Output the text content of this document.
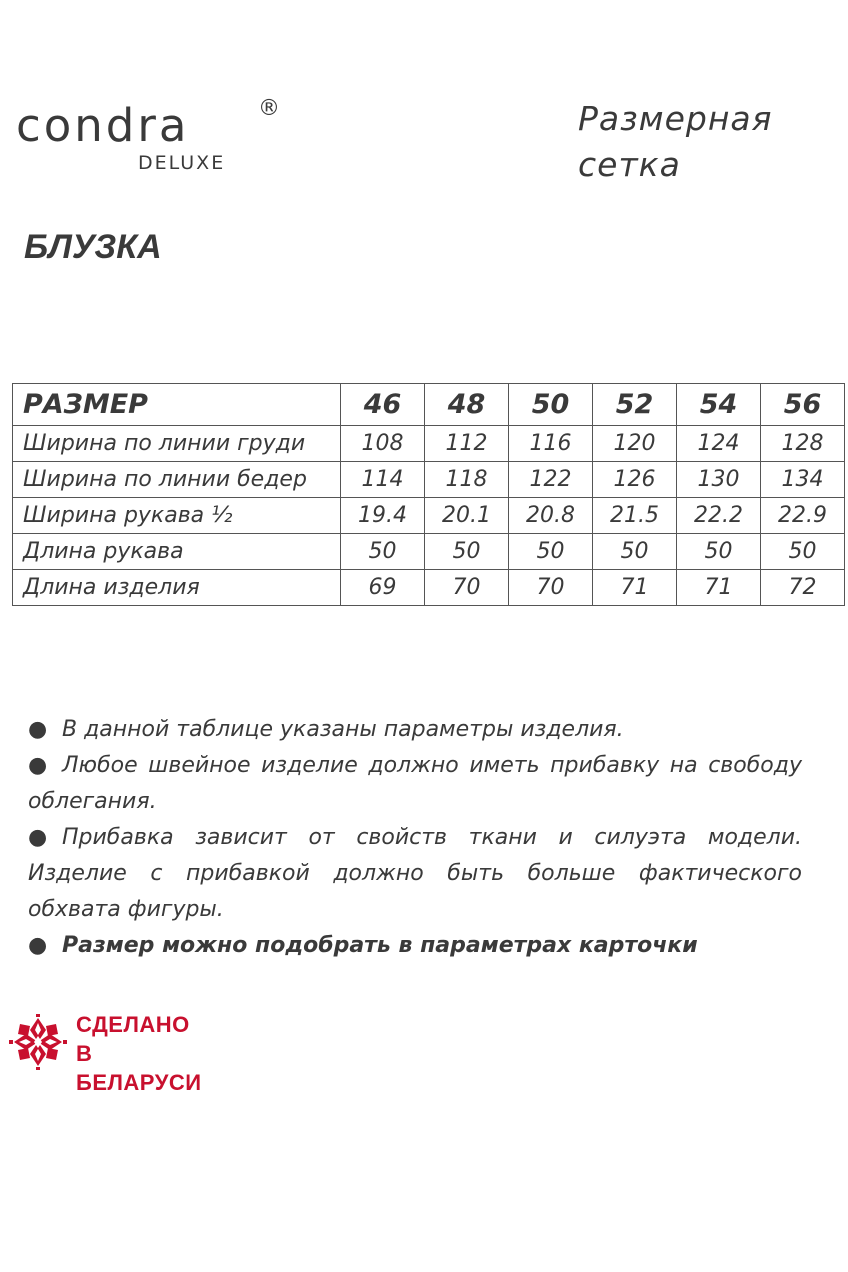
condra	®
DELUXE
Размерная сетка
БЛУЗКА
РАЗМЕР	46	48	50	52	54	56
Ширина по линии груди	108	112	116	120	124	128
Ширина по линии бедер	114	118	122	126	130	134
Ширина рукава ½	19.4	20.1	20.8	21.5	22.2	22.9
Длина рукава	50	50	50	50	50	50
Длина изделия	69	70	70	71	71	72

● В данной таблице указаны параметры изделия.

● Любое швейное изделие должно иметь прибавку на свободу облегания.

● Прибавка зависит от свойств ткани и силуэта модели. Изделие с прибавкой должно быть больше фактического обхвата фигуры.

● Размер можно подобрать в параметрах карточки

СДЕЛАНО
В БЕЛАРУСИ
